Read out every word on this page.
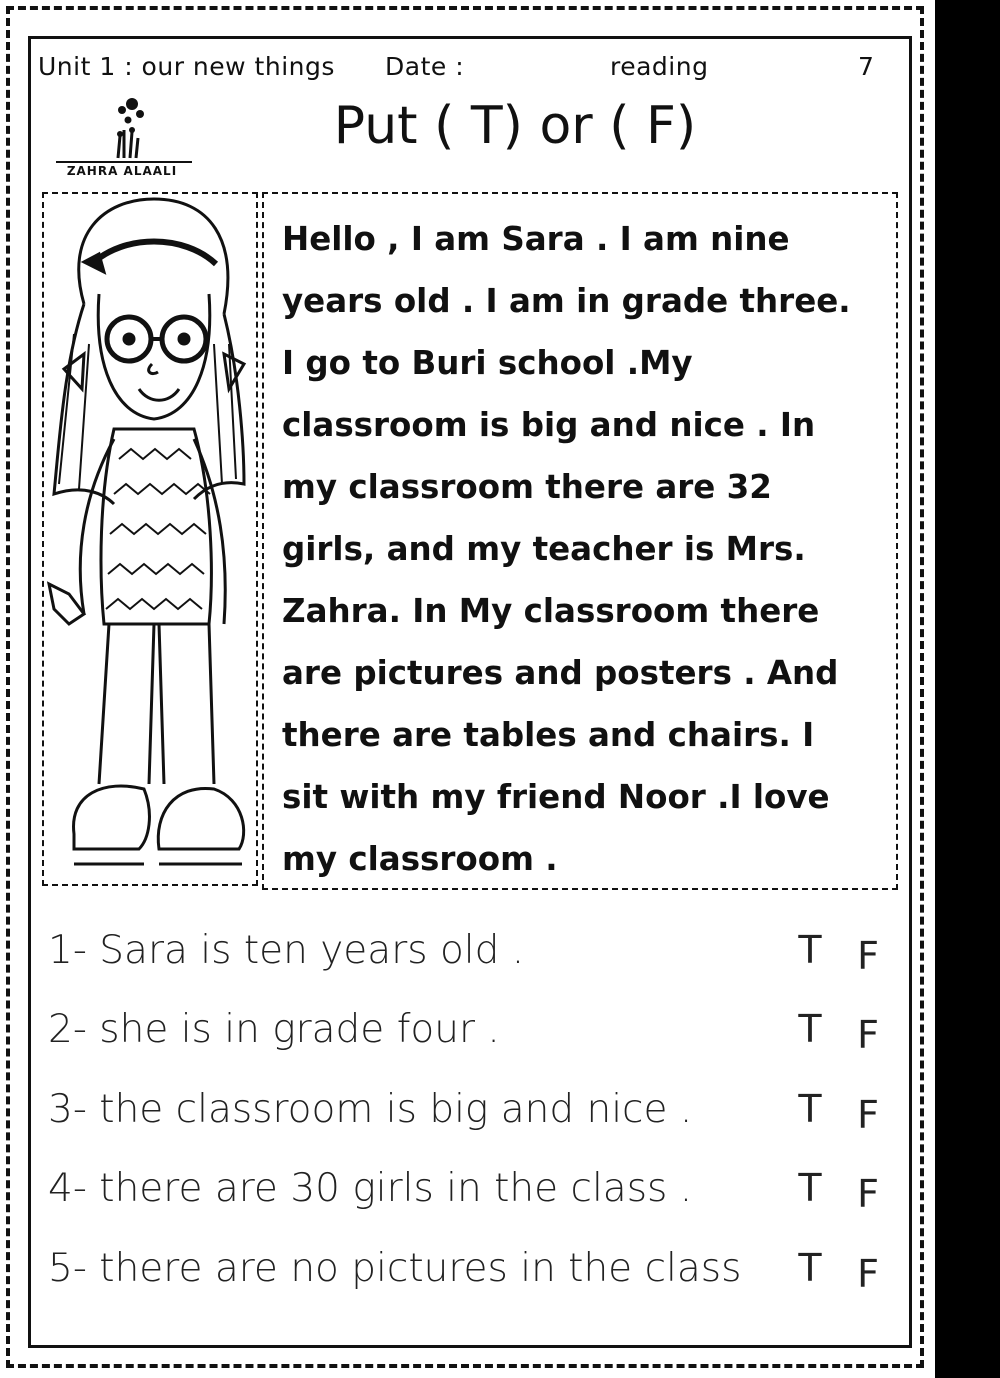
Unit 1 : our new things Date :	reading	7
Put ( T) or ( F)
ZAHRA ALAALI
Hello , I am Sara . I am nine
years old . I am in grade three.
I go to Buri school .My
classroom is big and nice . In
my classroom there are 32
girls, and my teacher is Mrs.
Zahra. In My classroom there
are pictures and posters . And
there are tables and chairs. I
sit with my friend Noor .I love
my classroom .
1- Sara is ten years old .	T F
2- she is in grade four .	T F
3- the classroom is big and nice .	T F
4- there are 30 girls in the class .	T F
5- there are no pictures in the class T F
